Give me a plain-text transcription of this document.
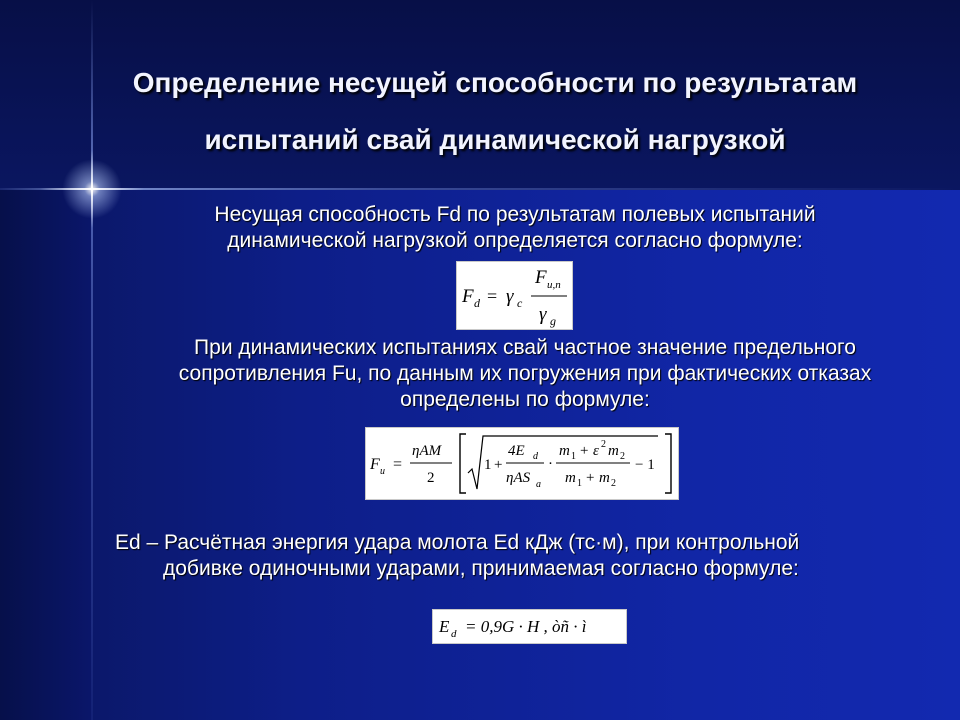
Определение несущей способности по результатам
испытаний свай динамической нагрузкой
Несущая способность Fd по результатам полевых испытаний
динамической нагрузкой определяется согласно формуле:
F d = γ c
F u,n
γ g
При динамических испытаниях свай частное значение предельного
сопротивления Fu, по данным их погружения при фактических отказах
определены по формуле:
F u =
ηAM
2
1 +
4E d
ηAS a
·
m 1 + ε 2 m 2
m 1 + m 2
− 1
Ed – Расчётная энергия удара молота Ed кДж (тс·м), при контрольной
добивке одиночными ударами, принимаемая согласно формуле:
E d = 0,9G · H , òñ · ì
